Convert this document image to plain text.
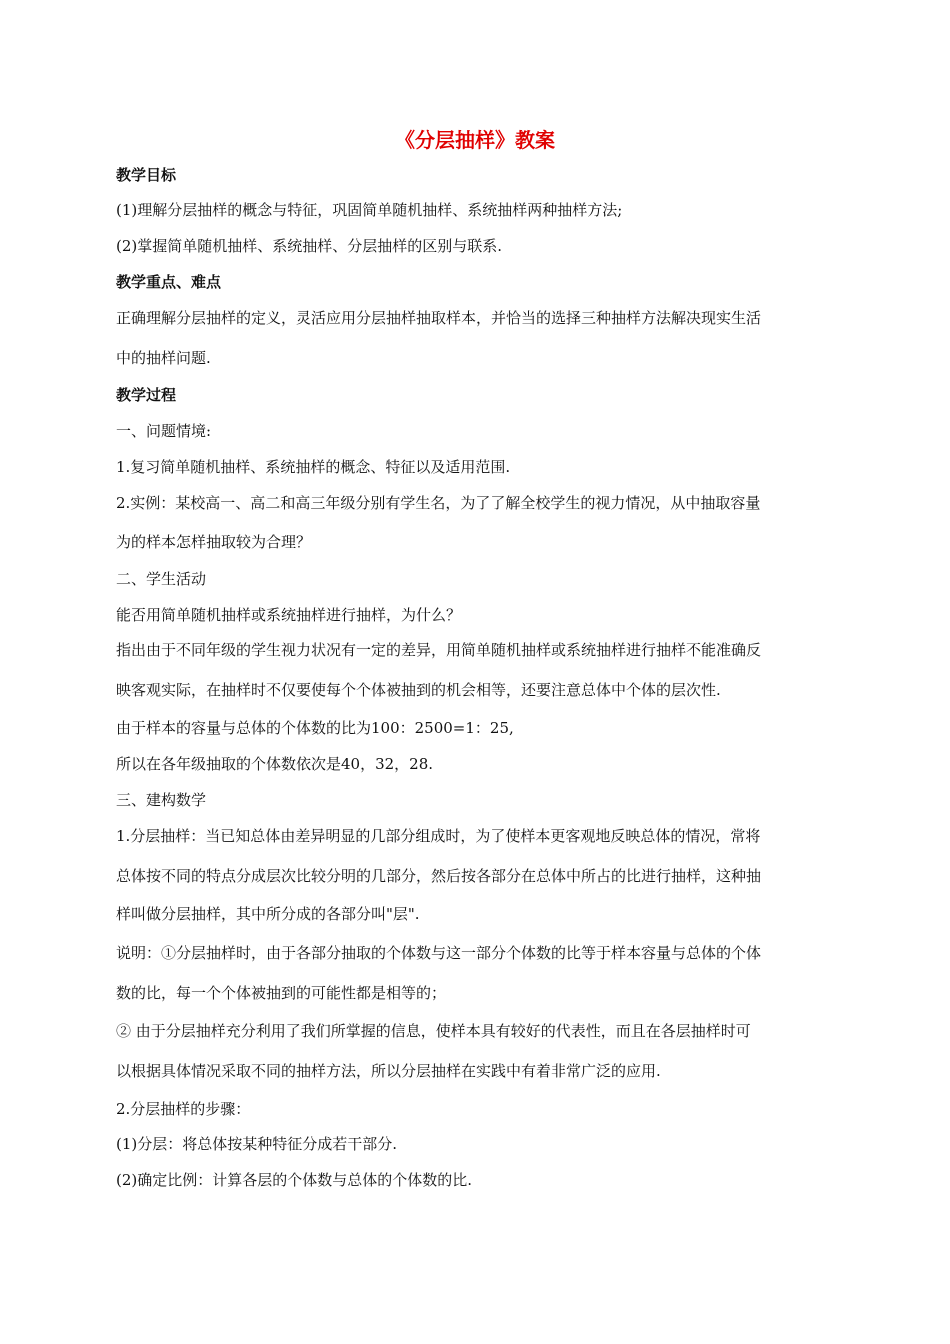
《分层抽样》教案
教学目标
(1)理解分层抽样的概念与特征，巩固简单随机抽样、系统抽样两种抽样方法;
(2)掌握简单随机抽样、系统抽样、分层抽样的区别与联系.
教学重点、难点
正确理解分层抽样的定义，灵活应用分层抽样抽取样本，并恰当的选择三种抽样方法解决现实生活
中的抽样问题.
教学过程
一、问题情境:
1.复习简单随机抽样、系统抽样的概念、特征以及适用范围.
2.实例：某校高一、高二和高三年级分别有学生名，为了了解全校学生的视力情况，从中抽取容量
为的样本怎样抽取较为合理？
二、学生活动
能否用简单随机抽样或系统抽样进行抽样，为什么？
指出由于不同年级的学生视力状况有一定的差异，用简单随机抽样或系统抽样进行抽样不能准确反
映客观实际，在抽样时不仅要使每个个体被抽到的机会相等，还要注意总体中个体的层次性.
由于样本的容量与总体的个体数的比为100：2500=1：25,
所以在各年级抽取的个体数依次是40，32，28.
三、建构数学
1.分层抽样：当已知总体由差异明显的几部分组成时，为了使样本更客观地反映总体的情况，常将
总体按不同的特点分成层次比较分明的几部分，然后按各部分在总体中所占的比进行抽样，这种抽
样叫做分层抽样，其中所分成的各部分叫"层".
说明：①分层抽样时，由于各部分抽取的个体数与这一部分个体数的比等于样本容量与总体的个体
数的比，每一个个体被抽到的可能性都是相等的；
② 由于分层抽样充分利用了我们所掌握的信息，使样本具有较好的代表性，而且在各层抽样时可
以根据具体情况采取不同的抽样方法，所以分层抽样在实践中有着非常广泛的应用.
2.分层抽样的步骤：
(1)分层：将总体按某种特征分成若干部分.
(2)确定比例：计算各层的个体数与总体的个体数的比.
